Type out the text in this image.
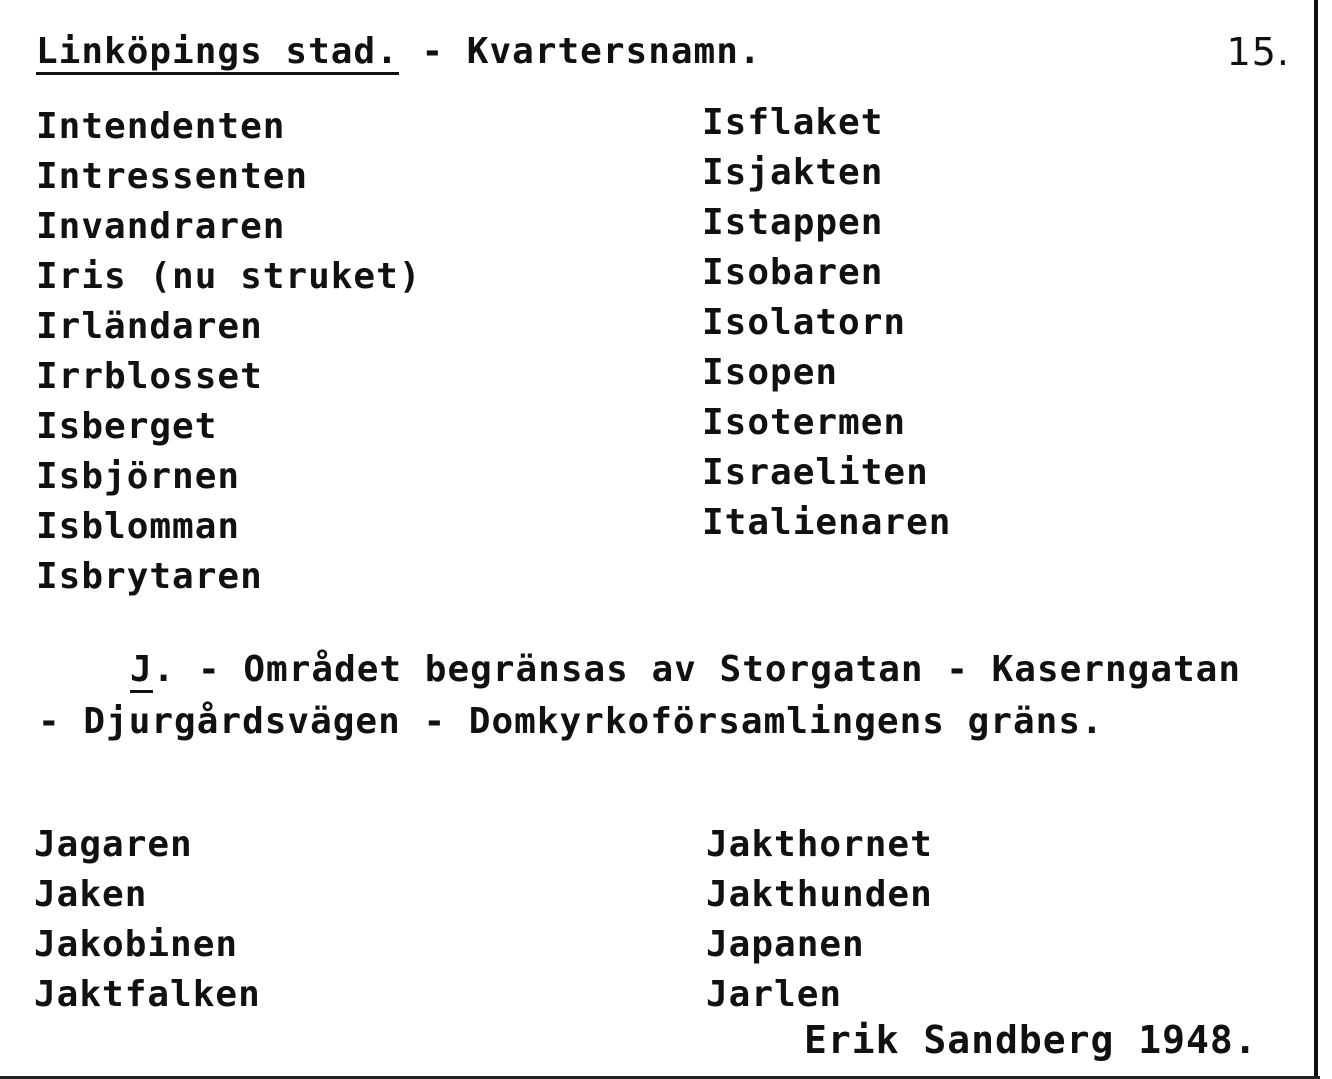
Linköpings stad. - Kvartersnamn.	15.
Intendenten
Intressenten
Invandraren
Iris (nu struket)
Irländaren
Irrblosset
Isberget
Isbjörnen
Isblomman
Isbrytaren
Isflaket
Isjakten
Istappen
Isobaren
Isolatorn
Isopen
Isotermen
Israeliten
Italienaren
J. - Området begränsas av Storgatan - Kaserngatan - Djurgårdsvägen - Domkyrkoförsamlingens gräns.
Jagaren
Jaken
Jakobinen
Jaktfalken
Jakthornet
Jakthunden
Japanen
Jarlen
Erik Sandberg 1948.
